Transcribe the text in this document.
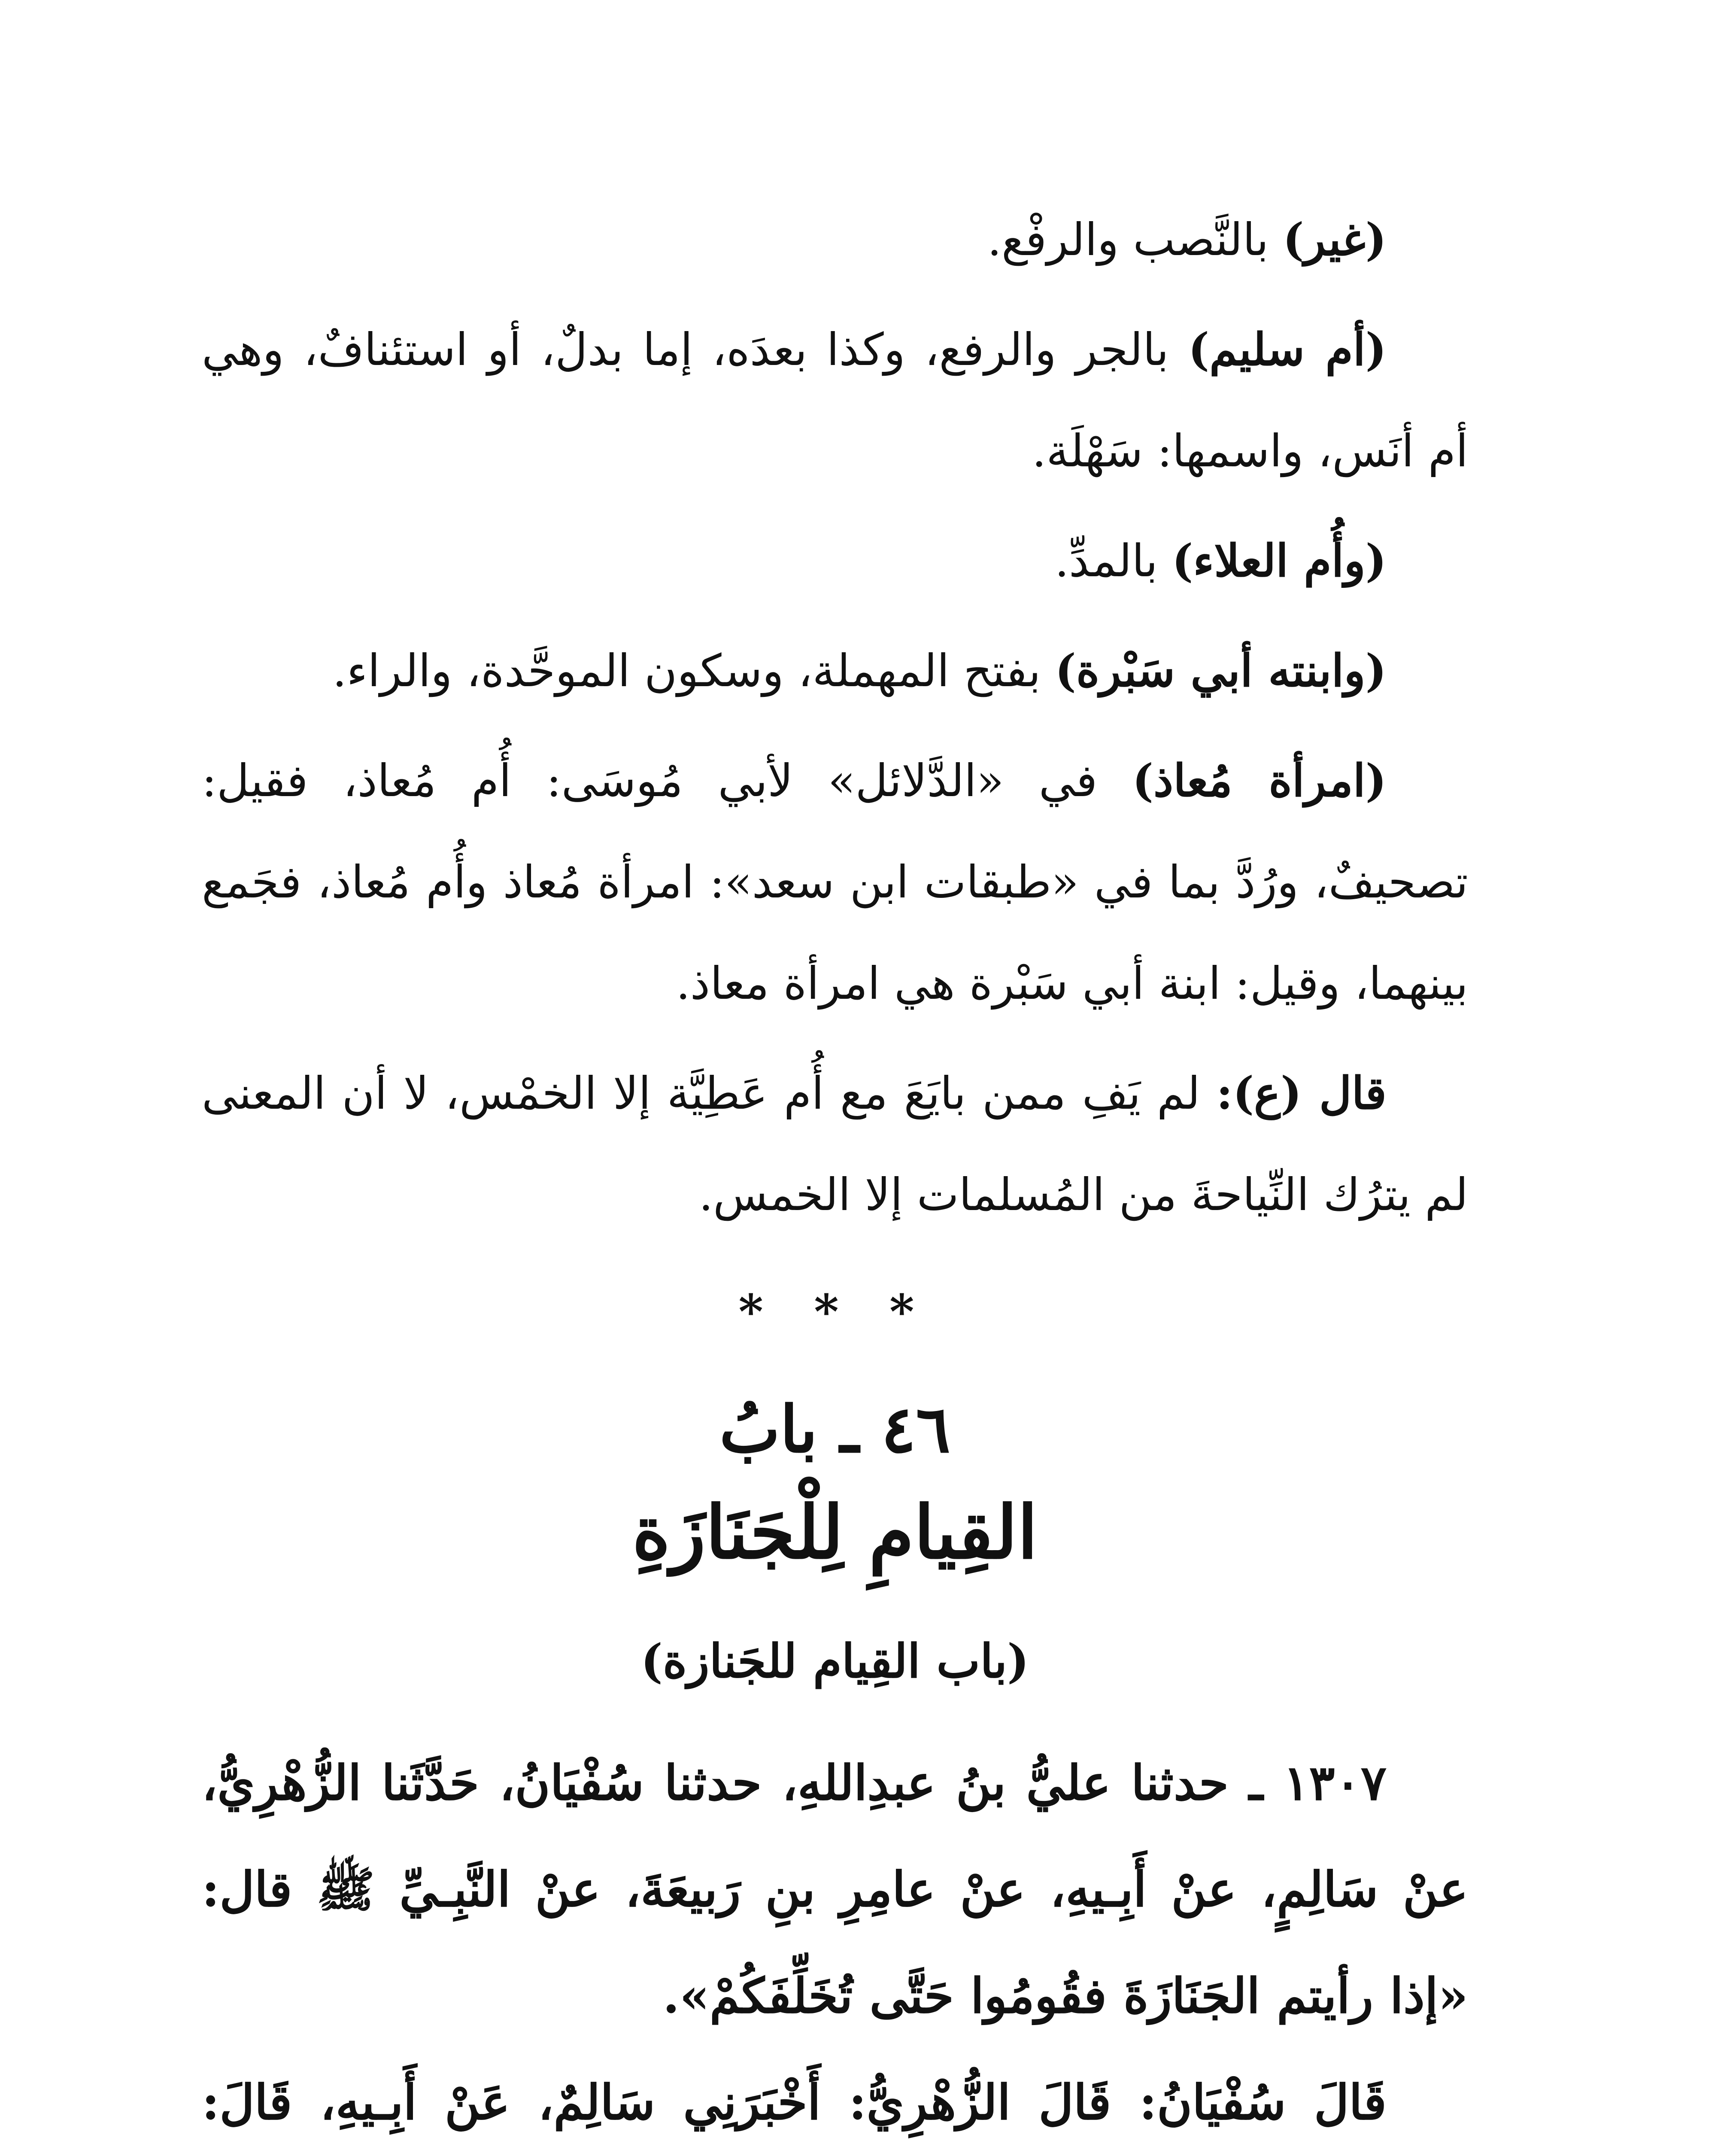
(غير) بالنَّصب والرفْع.

(أم سليم) بالجر والرفع، وكذا بعدَه، إما بدلٌ، أو استئنافٌ، وهي أم أنَس، واسمها: سَهْلَة.

(وأُم العلاء) بالمدِّ.

(وابنته أبي سَبْرة) بفتح المهملة، وسكون الموحَّدة، والراء.

(امرأة مُعاذ) في «الدَّلائل» لأبي مُوسَى: أُم مُعاذ، فقيل: تصحيفٌ، ورُدَّ بما في «طبقات ابن سعد»: امرأة مُعاذ وأُم مُعاذ، فجَمع بينهما، وقيل: ابنة أبي سَبْرة هي امرأة معاذ.

قال (ع): لم يَفِ ممن بايَعَ مع أُم عَطِيَّة إلا الخمْس، لا أن المعنى لم يترُك النِّياحةَ من المُسلمات إلا الخمس.

* * *
٤٦ ـ بابُ
القِيامِ لِلْجَنَازَةِ
(باب القِيام للجَنازة)

١٣٠٧ ـ حدثنا عليُّ بنُ عبدِاللهِ، حدثنا سُفْيَانُ، حَدَّثَنا الزُّهْرِيُّ، عنْ سَالِمٍ، عنْ أَبِـيهِ، عنْ عامِرِ بنِ رَبيعَةَ، عنْ النَّبِـيِّ ﷺ قال: «إذا رأيتم الجَنَازَةَ فقُومُوا حَتَّى تُخَلِّفَكُمْ».

قَالَ سُفْيَانُ: قَالَ الزُّهْرِيُّ: أَخْبَرَنِي سَالِمٌ، عَنْ أَبِـيهِ، قَالَ:
